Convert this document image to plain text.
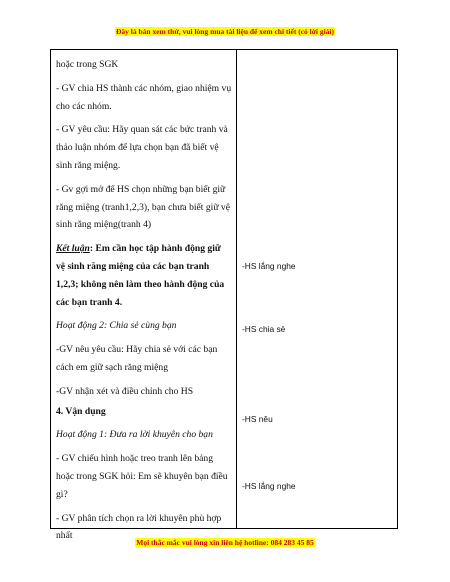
Đây là bản xem thử, vui lòng mua tài liệu để xem chi tiết (có lời giải)

hoặc trong SGK

- GV chia HS thành các nhóm, giao nhiệm vụ cho các nhóm.

- GV yêu cầu: Hãy quan sát các bức tranh và thảo luận nhóm để lựa chọn bạn đã biết vệ sinh răng miệng.

- Gv gợi mở để HS chọn những bạn biết giữ răng miệng (tranh1,2,3), bạn chưa biết giữ vệ sinh răng miệng(tranh 4)

Kết luận: Em cần học tập hành động giữ vệ sinh răng miệng của các bạn tranh 1,2,3; không nên làm theo hành động của các bạn tranh 4.

Hoạt động 2: Chia sẻ cùng bạn

-GV nêu yêu cầu: Hãy chia sẻ với các bạn cách em giữ sạch răng miệng

-GV nhận xét và điều chỉnh cho HS

4. Vận dụng

Hoạt động 1: Đưa ra lời khuyên cho bạn

- GV chiếu hình hoặc treo tranh lên bảng hoặc trong SGK hỏi: Em sẽ khuyên bạn điều gì?

- GV phân tích chọn ra lời khuyên phù hợp nhất

-HS lắng nghe
-HS chia sẻ
-HS nêu
-HS lắng nghe
Mọi thắc mắc vui lòng xin liên hệ hotline: 084 283 45 85
